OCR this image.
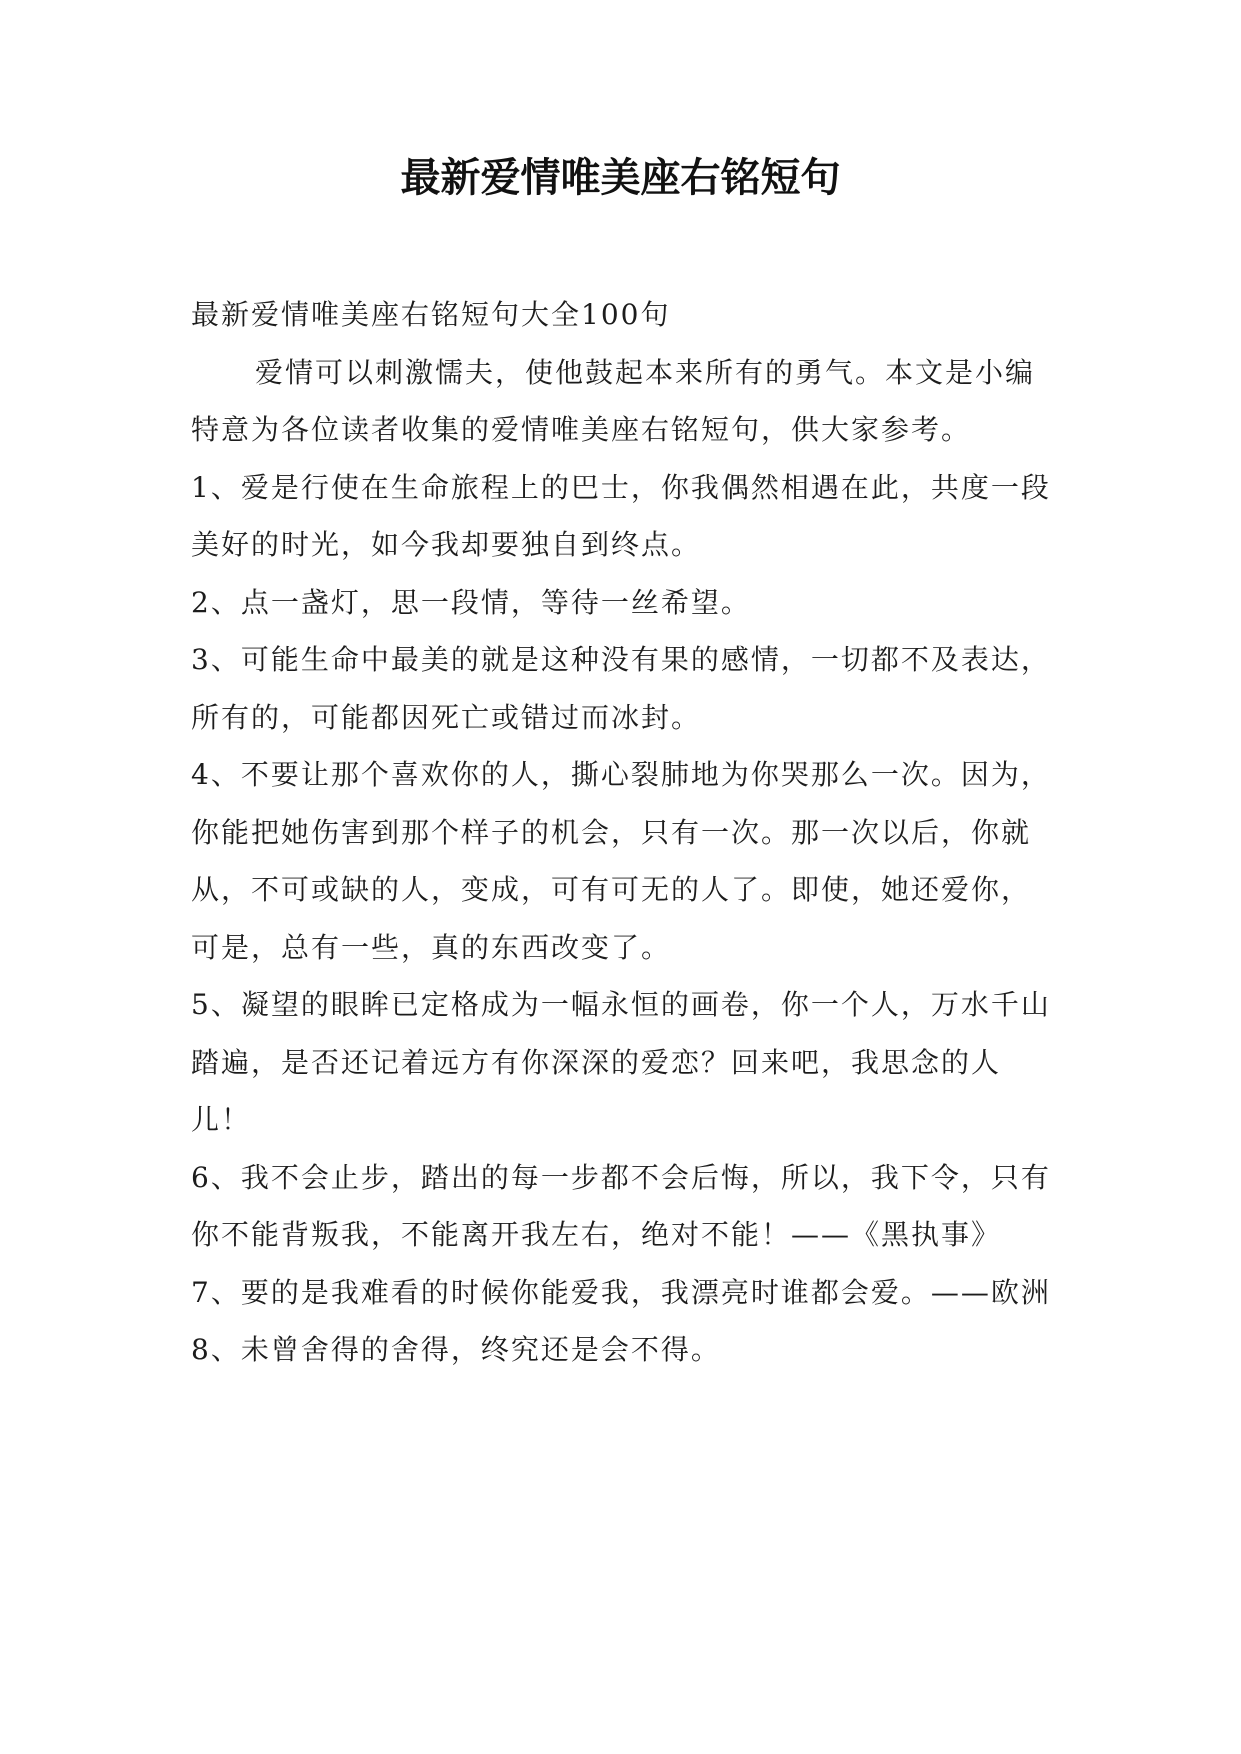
最新爱情唯美座右铭短句

最新爱情唯美座右铭短句大全100句

爱情可以刺激懦夫，使他鼓起本来所有的勇气。本文是小编特意为各位读者收集的爱情唯美座右铭短句，供大家参考。

1、爱是行使在生命旅程上的巴士，你我偶然相遇在此，共度一段美好的时光，如今我却要独自到终点。

2、点一盏灯，思一段情，等待一丝希望。

3、可能生命中最美的就是这种没有果的感情，一切都不及表达，所有的，可能都因死亡或错过而冰封。

4、不要让那个喜欢你的人，撕心裂肺地为你哭那么一次。因为，你能把她伤害到那个样子的机会，只有一次。那一次以后，你就从，不可或缺的人，变成，可有可无的人了。即使，她还爱你，可是，总有一些，真的东西改变了。

5、凝望的眼眸已定格成为一幅永恒的画卷，你一个人，万水千山踏遍，是否还记着远方有你深深的爱恋？回来吧，我思念的人儿！

6、我不会止步，踏出的每一步都不会后悔，所以，我下令，只有你不能背叛我，不能离开我左右，绝对不能！——《黑执事》

7、要的是我难看的时候你能爱我，我漂亮时谁都会爱。——欧洲

8、未曾舍得的舍得，终究还是会不得。
